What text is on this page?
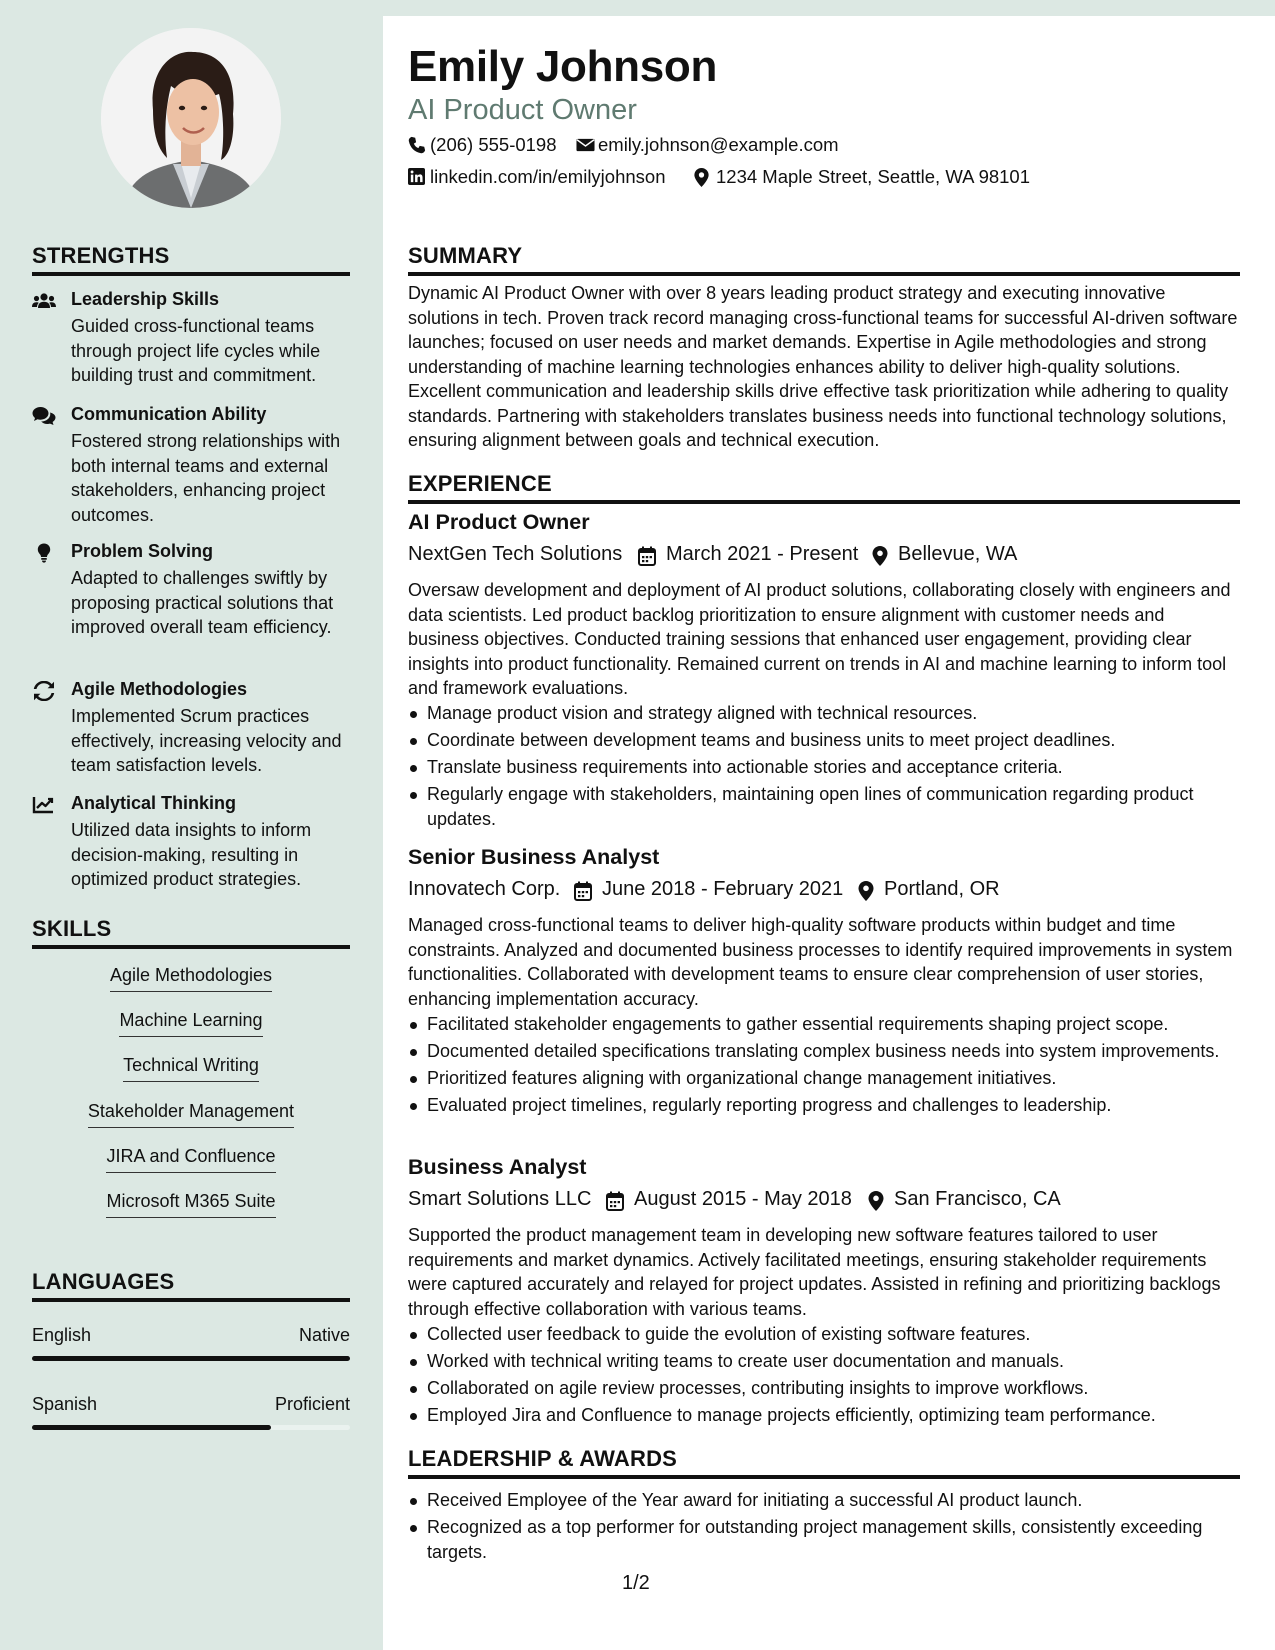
Emily Johnson
AI Product Owner
(206) 555-0198 emily.johnson@example.com
linkedin.com/in/emilyjohnson	1234 Maple Street, Seattle, WA 98101
STRENGTHS
Leadership Skills
Guided cross-functional teams through project life cycles while building trust and commitment.
Communication Ability
Fostered strong relationships with both internal teams and external stakeholders, enhancing project outcomes.
Problem Solving
Adapted to challenges swiftly by proposing practical solutions that improved overall team efficiency.
Agile Methodologies
Implemented Scrum practices effectively, increasing velocity and team satisfaction levels.
Analytical Thinking
Utilized data insights to inform decision-making, resulting in optimized product strategies.
SKILLS
Agile Methodologies
Machine Learning
Technical Writing
Stakeholder Management
JIRA and Confluence
Microsoft M365 Suite
LANGUAGES
English	Native
Spanish	Proficient
SUMMARY
Dynamic AI Product Owner with over 8 years leading product strategy and executing innovative solutions in tech. Proven track record managing cross-functional teams for successful AI-driven software launches; focused on user needs and market demands. Expertise in Agile methodologies and strong understanding of machine learning technologies enhances ability to deliver high-quality solutions. Excellent communication and leadership skills drive effective task prioritization while adhering to quality standards. Partnering with stakeholders translates business needs into functional technology solutions, ensuring alignment between goals and technical execution.
EXPERIENCE
AI Product Owner
NextGen Tech Solutions March 2021 - Present Bellevue, WA
Oversaw development and deployment of AI product solutions, collaborating closely with engineers and data scientists. Led product backlog prioritization to ensure alignment with customer needs and business objectives. Conducted training sessions that enhanced user engagement, providing clear insights into product functionality. Remained current on trends in AI and machine learning to inform tool and framework evaluations.
Manage product vision and strategy aligned with technical resources.
Coordinate between development teams and business units to meet project deadlines.
Translate business requirements into actionable stories and acceptance criteria.
Regularly engage with stakeholders, maintaining open lines of communication regarding product updates.
Senior Business Analyst
Innovatech Corp. June 2018 - February 2021 Portland, OR
Managed cross-functional teams to deliver high-quality software products within budget and time constraints. Analyzed and documented business processes to identify required improvements in system functionalities. Collaborated with development teams to ensure clear comprehension of user stories, enhancing implementation accuracy.
Facilitated stakeholder engagements to gather essential requirements shaping project scope.
Documented detailed specifications translating complex business needs into system improvements.
Prioritized features aligning with organizational change management initiatives.
Evaluated project timelines, regularly reporting progress and challenges to leadership.
Business Analyst
Smart Solutions LLC August 2015 - May 2018 San Francisco, CA
Supported the product management team in developing new software features tailored to user requirements and market dynamics. Actively facilitated meetings, ensuring stakeholder requirements were captured accurately and relayed for project updates. Assisted in refining and prioritizing backlogs through effective collaboration with various teams.
Collected user feedback to guide the evolution of existing software features.
Worked with technical writing teams to create user documentation and manuals.
Collaborated on agile review processes, contributing insights to improve workflows.
Employed Jira and Confluence to manage projects efficiently, optimizing team performance.
LEADERSHIP & AWARDS
Received Employee of the Year award for initiating a successful AI product launch.
Recognized as a top performer for outstanding project management skills, consistently exceeding targets.
1/2
